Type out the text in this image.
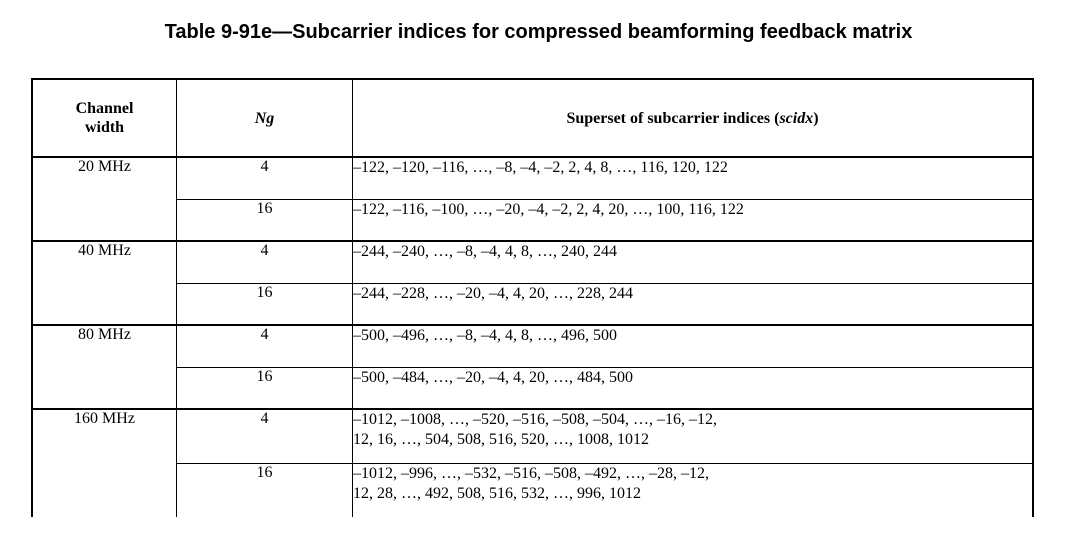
Table 9-91e—Subcarrier indices for compressed beamforming feedback matrix
Channel
width	Ng	Superset of subcarrier indices (scidx)
20 MHz	4	–122, –120, –116, …, –8, –4, –2, 2, 4, 8, …, 116, 120, 122
	16	–122, –116, –100, …, –20, –4, –2, 2, 4, 20, …, 100, 116, 122
40 MHz	4	–244, –240, …, –8, –4, 4, 8, …, 240, 244
	16	–244, –228, …, –20, –4, 4, 20, …, 228, 244
80 MHz	4	–500, –496, …, –8, –4, 4, 8, …, 496, 500
	16	–500, –484, …, –20, –4, 4, 20, …, 484, 500
160 MHz	4	–1012, –1008, …, –520, –516, –508, –504, …, –16, –12,
12, 16, …, 504, 508, 516, 520, …, 1008, 1012
	16	–1012, –996, …, –532, –516, –508, –492, …, –28, –12,
12, 28, …, 492, 508, 516, 532, …, 996, 1012
